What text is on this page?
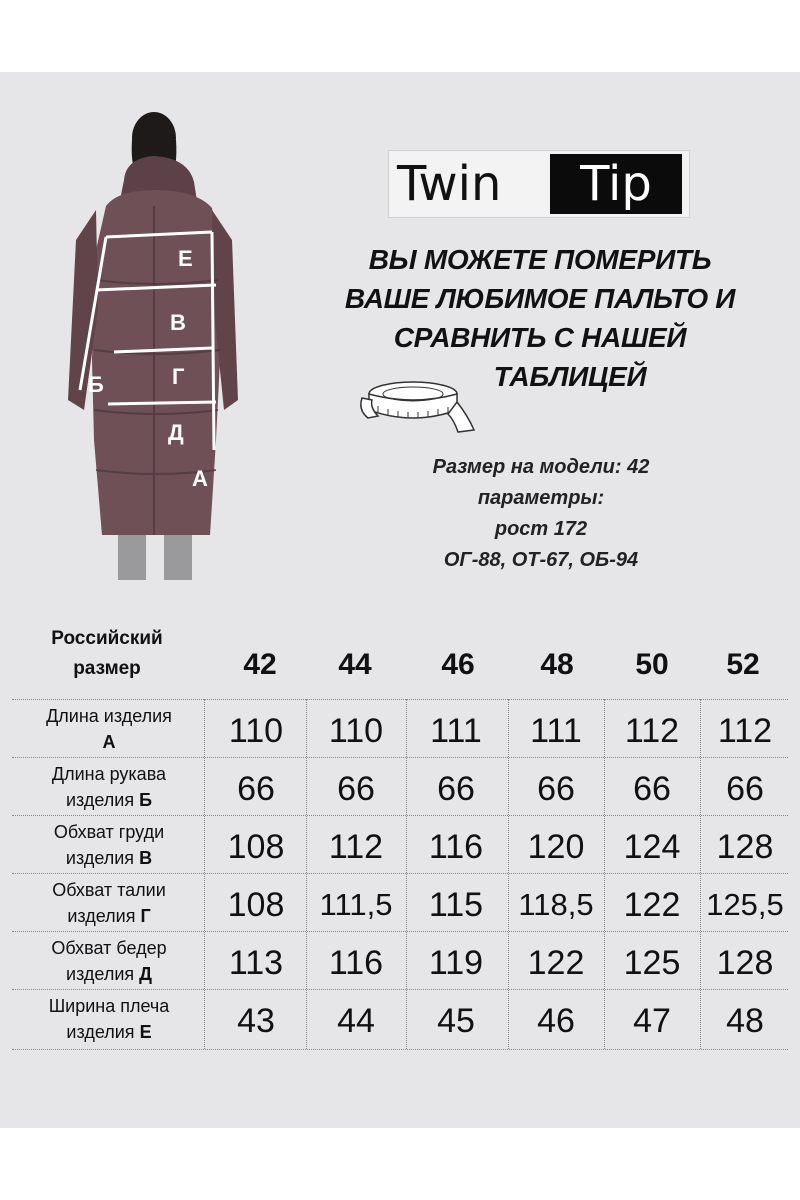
Е
В
Г
Д
Б
А
Twin	Tip
ВЫ МОЖЕТЕ ПОМЕРИТЬ
ВАШЕ ЛЮБИМОЕ ПАЛЬТО И
СРАВНИТЬ С НАШЕЙ
ТАБЛИЦЕЙ
Размер на модели: 42
параметры:
рост 172
ОГ-88, ОТ-67, ОБ-94
Российский
размер	42	44	46	48	50	52
Длина изделия
А	110	110	111	111	112	112
Длина рукава
изделия Б	66	66	66	66	66	66
Обхват груди
изделия В	108	112	116	120	124	128
Обхват талии
изделия Г	108	111,5	115	118,5 122 125,5
Обхват бедер
изделия Д	113	116	119	122	125	128
Ширина плеча
изделия Е	43	44	45	46	47	48
